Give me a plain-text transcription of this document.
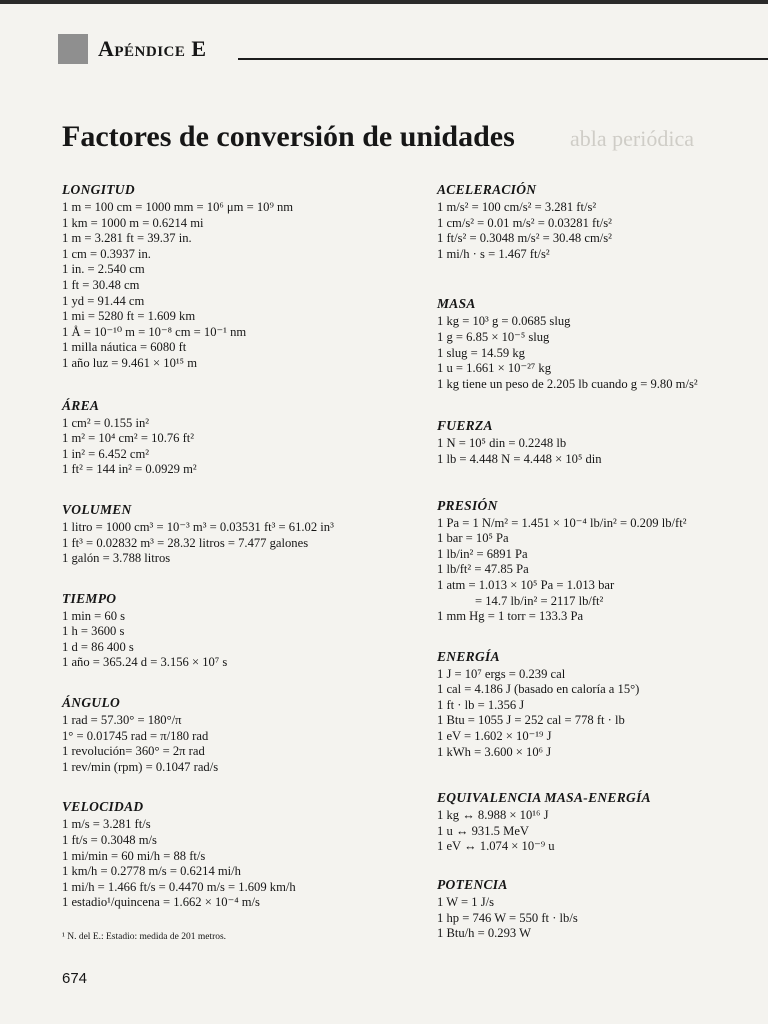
Apéndice E
ablа periódica
Factores de conversión de unidades
LONGITUD
1 m = 100 cm = 1000 mm = 10⁶ μm = 10⁹ nm
1 km = 1000 m = 0.6214 mi
1 m = 3.281 ft = 39.37 in.
1 cm = 0.3937 in.
1 in. = 2.540 cm
1 ft = 30.48 cm
1 yd = 91.44 cm
1 mi = 5280 ft = 1.609 km
1 Å = 10⁻¹⁰ m = 10⁻⁸ cm = 10⁻¹ nm
1 milla náutica = 6080 ft
1 año luz = 9.461 × 10¹⁵ m
ÁREA
1 cm² = 0.155 in²
1 m² = 10⁴ cm² = 10.76 ft²
1 in² = 6.452 cm²
1 ft² = 144 in² = 0.0929 m²
VOLUMEN
1 litro = 1000 cm³ = 10⁻³ m³ = 0.03531 ft³ = 61.02 in³
1 ft³ = 0.02832 m³ = 28.32 litros = 7.477 galones
1 galón = 3.788 litros
TIEMPO
1 min = 60 s
1 h = 3600 s
1 d = 86 400 s
1 año = 365.24 d = 3.156 × 10⁷ s
ÁNGULO
1 rad = 57.30° = 180°/π
1° = 0.01745 rad = π/180 rad
1 revolución= 360° = 2π rad
1 rev/min (rpm) = 0.1047 rad/s
VELOCIDAD
1 m/s = 3.281 ft/s
1 ft/s = 0.3048 m/s
1 mi/min = 60 mi/h = 88 ft/s
1 km/h = 0.2778 m/s = 0.6214 mi/h
1 mi/h = 1.466 ft/s = 0.4470 m/s = 1.609 km/h
1 estadio¹/quincena = 1.662 × 10⁻⁴ m/s
ACELERACIÓN
1 m/s² = 100 cm/s² = 3.281 ft/s²
1 cm/s² = 0.01 m/s² = 0.03281 ft/s²
1 ft/s² = 0.3048 m/s² = 30.48 cm/s²
1 mi/h · s = 1.467 ft/s²
MASA
1 kg = 10³ g = 0.0685 slug
1 g = 6.85 × 10⁻⁵ slug
1 slug = 14.59 kg
1 u = 1.661 × 10⁻²⁷ kg
1 kg tiene un peso de 2.205 lb cuando g = 9.80 m/s²
FUERZA
1 N = 10⁵ din = 0.2248 lb
1 lb = 4.448 N = 4.448 × 10⁵ din
PRESIÓN
1 Pa = 1 N/m² = 1.451 × 10⁻⁴ lb/in² = 0.209 lb/ft²
1 bar = 10⁵ Pa
1 lb/in² = 6891 Pa
1 lb/ft² = 47.85 Pa
1 atm = 1.013 × 10⁵ Pa = 1.013 bar
= 14.7 lb/in² = 2117 lb/ft²
1 mm Hg = 1 torr = 133.3 Pa
ENERGÍA
1 J = 10⁷ ergs = 0.239 cal
1 cal = 4.186 J (basado en caloría a 15°)
1 ft · lb = 1.356 J
1 Btu = 1055 J = 252 cal = 778 ft · lb
1 eV = 1.602 × 10⁻¹⁹ J
1 kWh = 3.600 × 10⁶ J
EQUIVALENCIA MASA-ENERGÍA
1 kg ↔ 8.988 × 10¹⁶ J
1 u ↔ 931.5 MeV
1 eV ↔ 1.074 × 10⁻⁹ u
POTENCIA
1 W = 1 J/s
1 hp = 746 W = 550 ft · lb/s
1 Btu/h = 0.293 W
¹ N. del E.: Estadio: medida de 201 metros.
674
